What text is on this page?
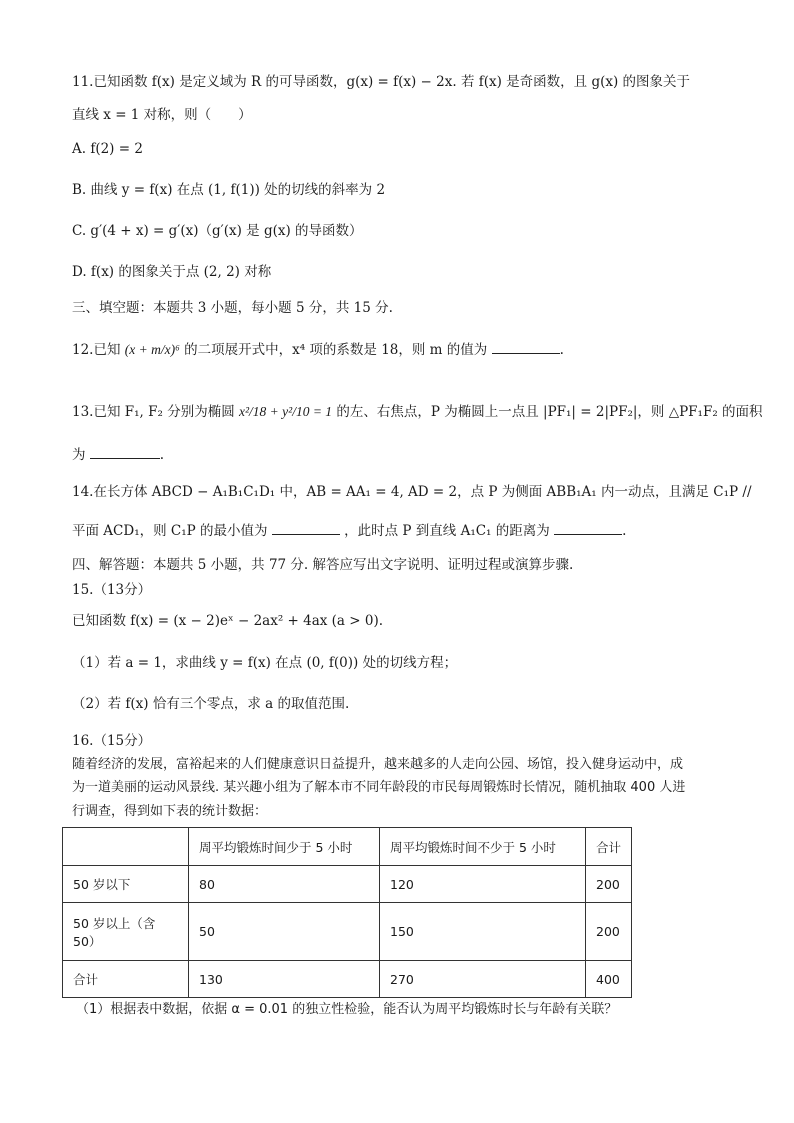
11.已知函数 f(x) 是定义域为 R 的可导函数，g(x) = f(x) − 2x. 若 f(x) 是奇函数，且 g(x) 的图象关于
直线 x = 1 对称，则（　　）
A. f(2) = 2
B. 曲线 y = f(x) 在点 (1, f(1)) 处的切线的斜率为 2
C. g′(4 + x) = g′(x)（g′(x) 是 g(x) 的导函数）
D. f(x) 的图象关于点 (2, 2) 对称
三、填空题：本题共 3 小题，每小题 5 分，共 15 分.
12.已知 (x + m/x)⁶ 的二项展开式中，x⁴ 项的系数是 18，则 m 的值为	.
13.已知 F₁, F₂ 分别为椭圆 x²/18 + y²/10 = 1 的左、右焦点，P 为椭圆上一点且 |PF₁| = 2|PF₂|，则 △PF₁F₂ 的面积
为	.
14.在长方体 ABCD − A₁B₁C₁D₁ 中，AB = AA₁ = 4, AD = 2，点 P 为侧面 ABB₁A₁ 内一动点，且满足 C₁P //
平面 ACD₁，则 C₁P 的最小值为	，此时点 P 到直线 A₁C₁ 的距离为	.
四、解答题：本题共 5 小题，共 77 分. 解答应写出文字说明、证明过程或演算步骤.
15.（13分）
已知函数 f(x) = (x − 2)eˣ − 2ax² + 4ax (a > 0).
（1）若 a = 1，求曲线 y = f(x) 在点 (0, f(0)) 处的切线方程；
（2）若 f(x) 恰有三个零点，求 a 的取值范围.
16.（15分）
随着经济的发展，富裕起来的人们健康意识日益提升，越来越多的人走向公园、场馆，投入健身运动中，成
为一道美丽的运动风景线. 某兴趣小组为了解本市不同年龄段的市民每周锻炼时长情况，随机抽取 400 人进
行调查，得到如下表的统计数据：
	周平均锻炼时间少于 5 小时	周平均锻炼时间不少于 5 小时	合计
50 岁以下	80	120	200
50 岁以上（含 50）	50	150	200
合计	130	270	400
（1）根据表中数据，依据 α = 0.01 的独立性检验，能否认为周平均锻炼时长与年龄有关联？
